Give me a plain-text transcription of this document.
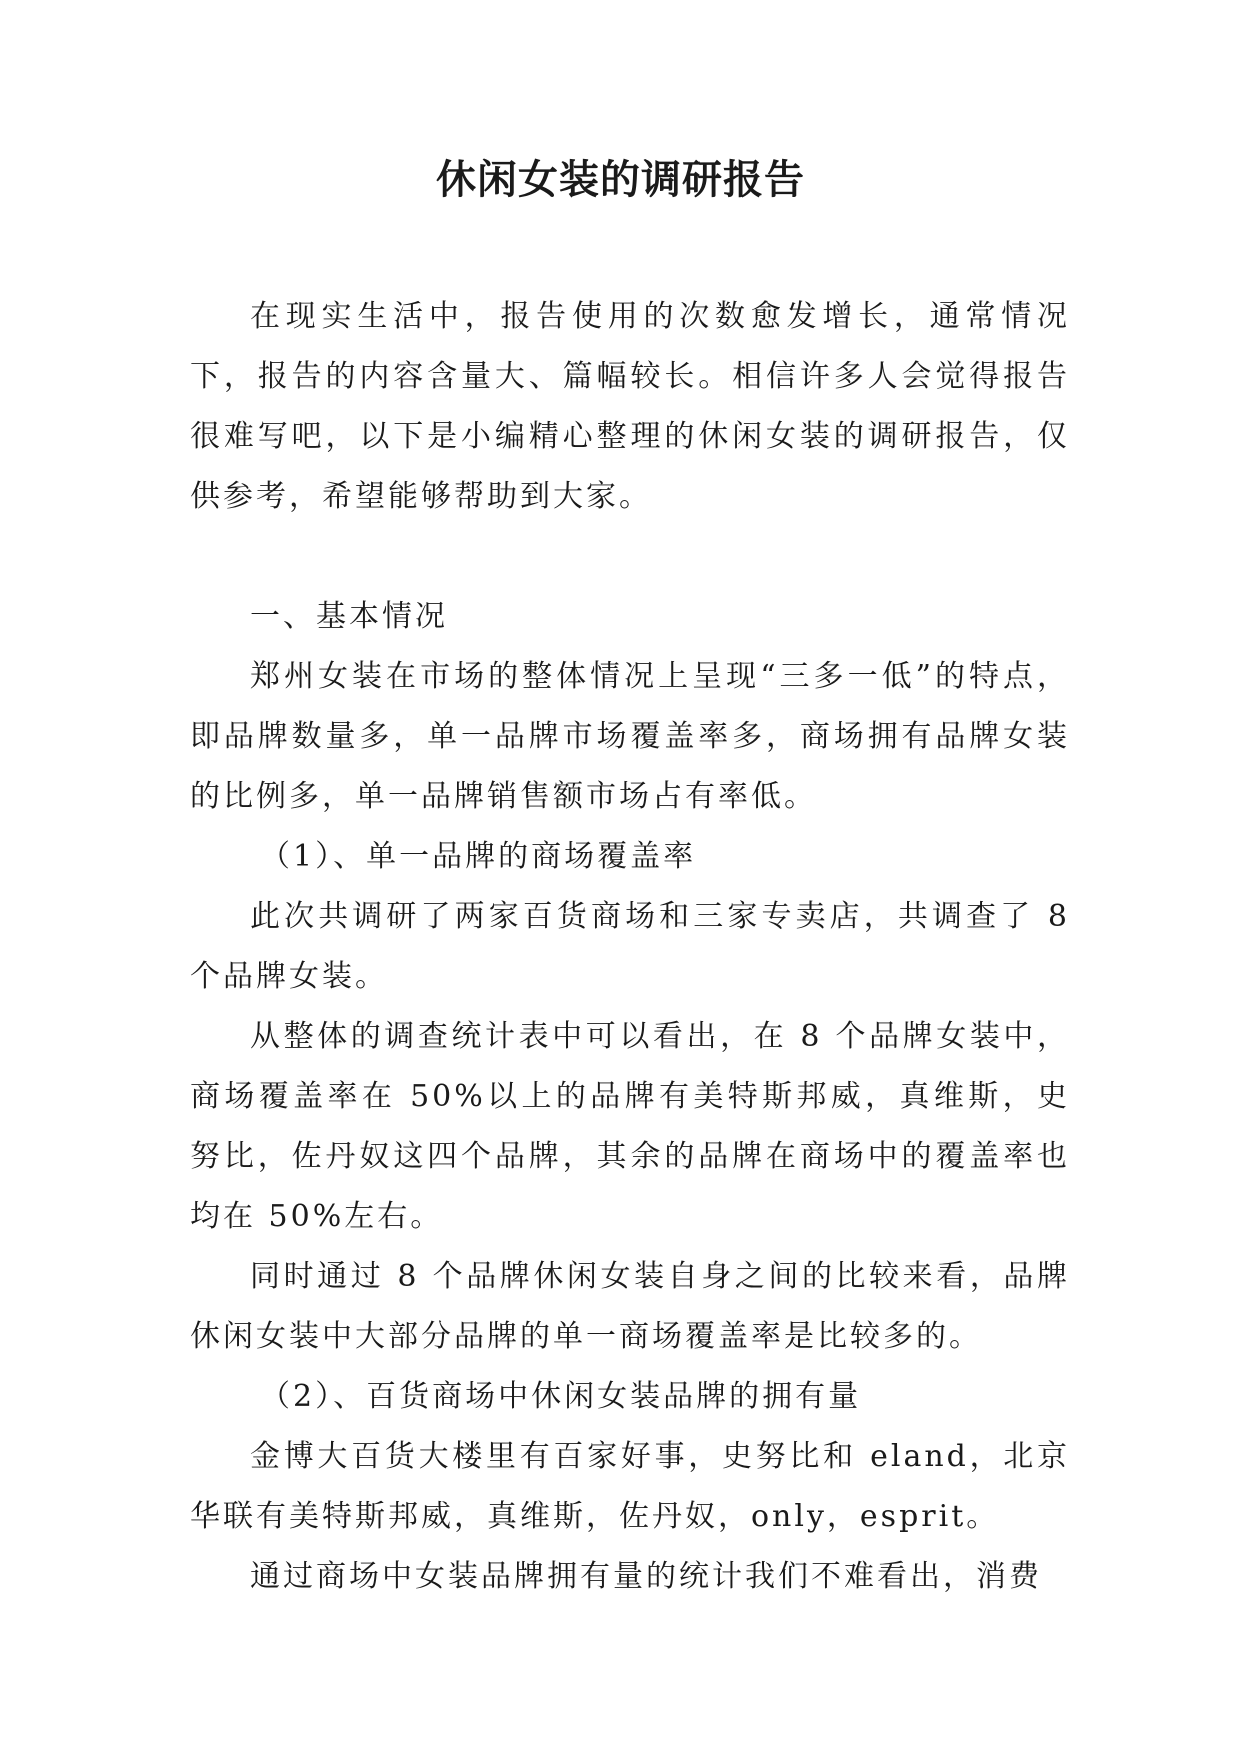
休闲女装的调研报告

在现实生活中，报告使用的次数愈发增长，通常情况下，报告的内容含量大、篇幅较长。相信许多人会觉得报告很难写吧，以下是小编精心整理的休闲女装的调研报告，仅供参考，希望能够帮助到大家。

一、基本情况

郑州女装在市场的整体情况上呈现“三多一低”的特点，即品牌数量多，单一品牌市场覆盖率多，商场拥有品牌女装的比例多，单一品牌销售额市场占有率低。

（1）、单一品牌的商场覆盖率

此次共调研了两家百货商场和三家专卖店，共调查了 8 个品牌女装。

从整体的调查统计表中可以看出，在 8 个品牌女装中，商场覆盖率在 50%以上的品牌有美特斯邦威，真维斯，史努比，佐丹奴这四个品牌，其余的品牌在商场中的覆盖率也均在 50%左右。

同时通过 8 个品牌休闲女装自身之间的比较来看，品牌休闲女装中大部分品牌的单一商场覆盖率是比较多的。

（2）、百货商场中休闲女装品牌的拥有量

金博大百货大楼里有百家好事，史努比和 eland，北京华联有美特斯邦威，真维斯，佐丹奴，only，esprit。

通过商场中女装品牌拥有量的统计我们不难看出，消费
